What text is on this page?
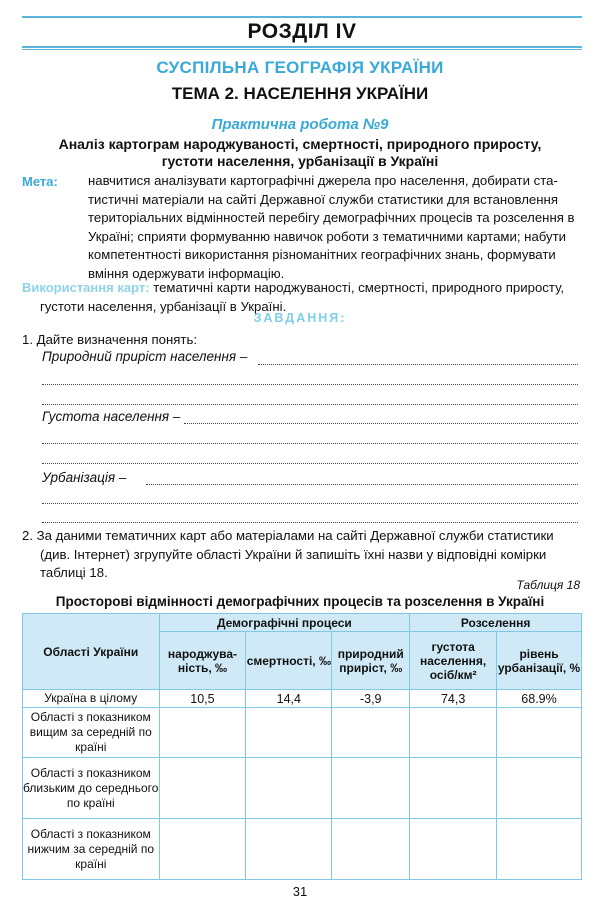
РОЗДІЛ IV
СУСПІЛЬНА ГЕОГРАФІЯ УКРАЇНИ
ТЕМА 2. НАСЕЛЕННЯ УКРАЇНИ
Практична робота №9
Аналіз картограм народжуваності, смертності, природного приросту,
густоти населення, урбанізації в Україні
Мета: навчитися аналізувати картографічні джерела про населення, добирати ста-
тистичні матеріали на сайті Державної служби статистики для встановлення
територіальних відмінностей перебігу демографічних процесів та розселення в
Україні; сприяти формуванню навичок роботи з тематичними картами; набути
компетентності використання різноманітних географічних знань, формувати
вміння одержувати інформацію.
Використання карт: тематичні карти народжуваності, смертності, природного приросту,
густоти населення, урбанізації в Україні.
ЗАВДАННЯ:
1. Дайте визначення понять:
Природний приріст населення –
Густота населення –
Урбанізація –
2. За даними тематичних карт або матеріалами на сайті Державної служби статистики
(див. Інтернет) згрупуйте області України й запишіть їхні назви у відповідні комірки
таблиці 18.
Таблиця 18
Просторові відмінності демографічних процесів та розселення в Україні
Області України	Демографічні процеси			Розселення	
	народжува-ність, ‰	смертності, ‰	природний приріст, ‰	густота населення, осіб/км²	рівень урбанізації, %
Україна в цілому	10,5	14,4	-3,9	74,3	68.9%
Області з показником вищим за середній по країні					
Області з показником близьким до середнього по країні					
Області з показником нижчим за середній по країні					
31
